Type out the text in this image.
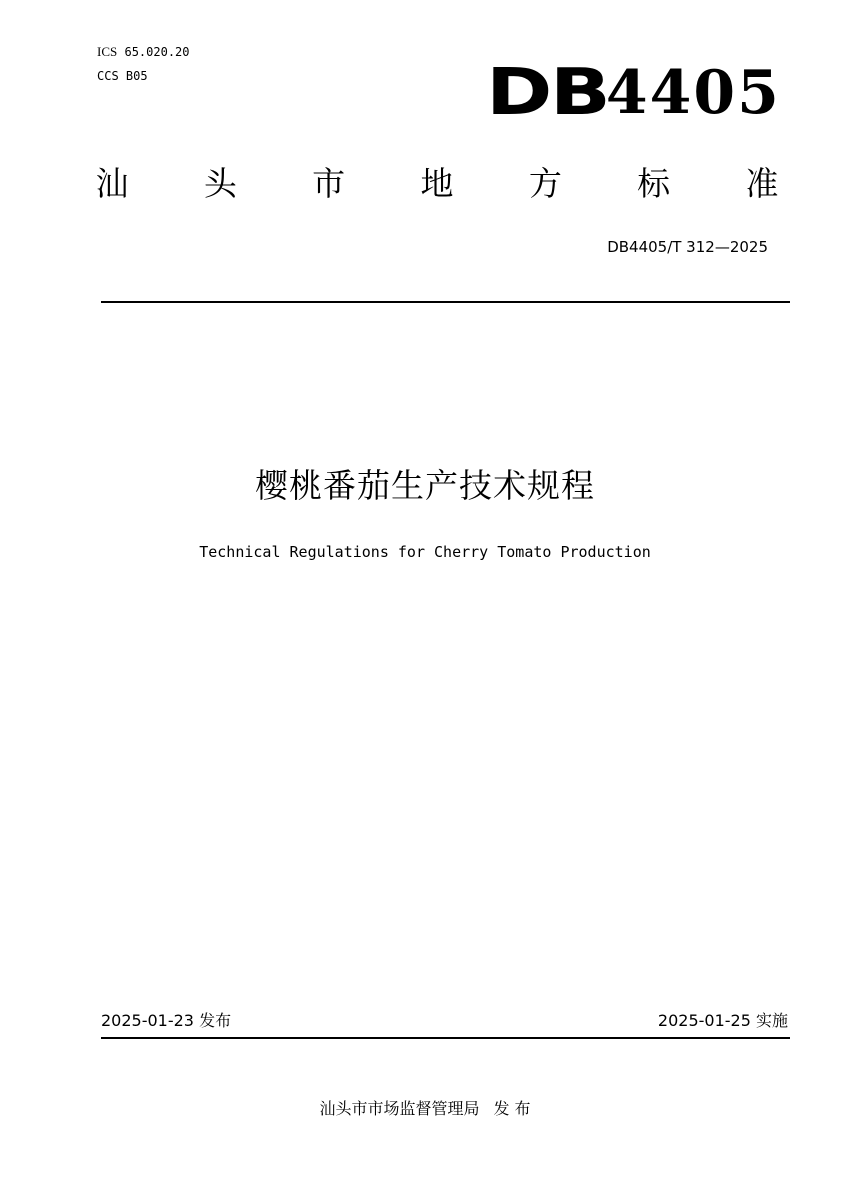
ICS 65.020.20
CCS B05	DB4405
汕 头 市 地 方 标 准
DB4405/T 312—2025
樱桃番茄生产技术规程
Technical Regulations for Cherry Tomato Production
2025-01-23 发布	2025-01-25 实施
汕头市市场监督管理局 发 布
